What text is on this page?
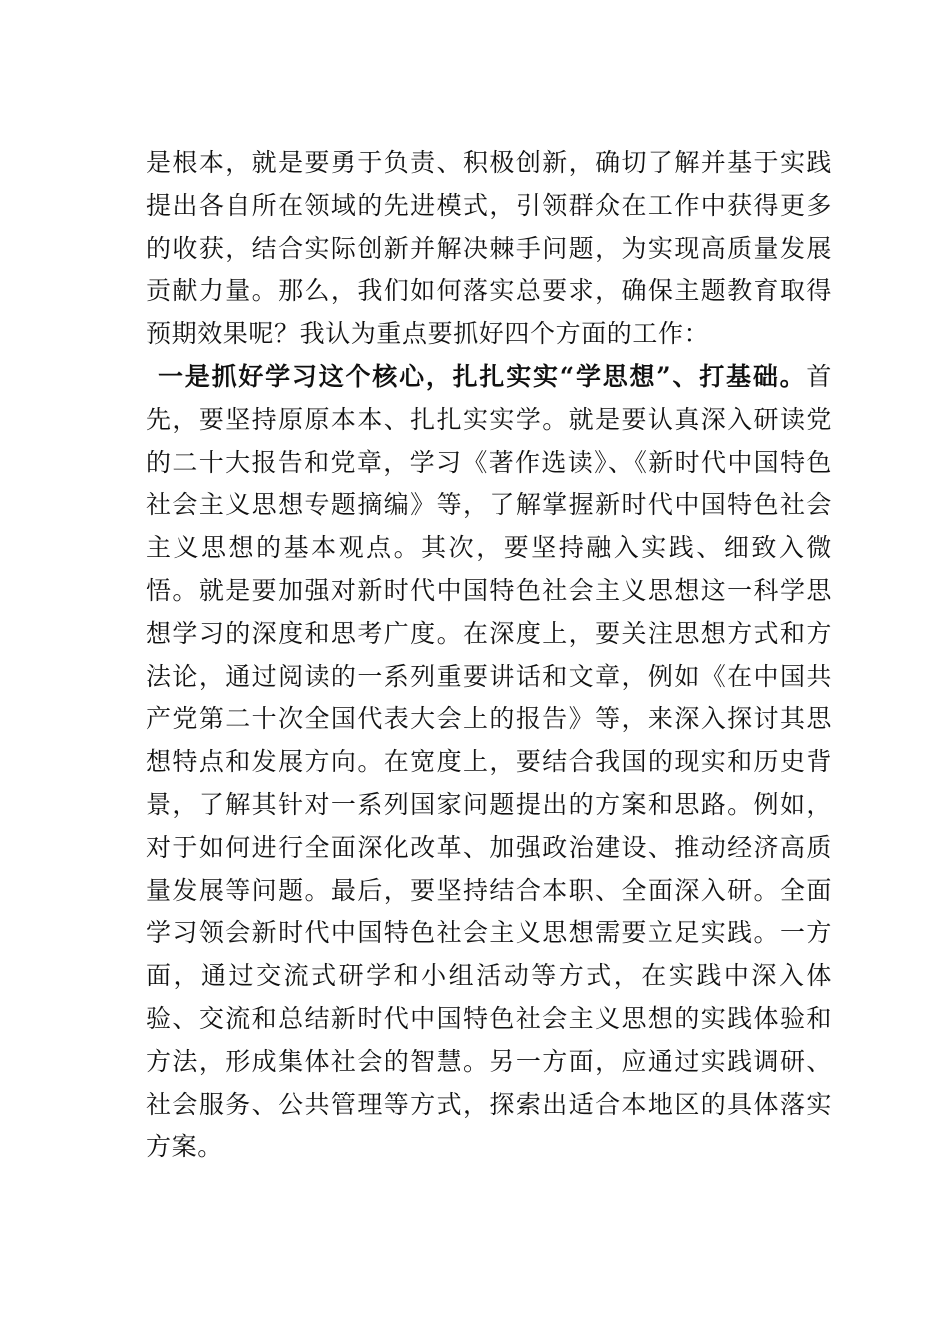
是根本，就是要勇于负责、积极创新，确切了解并基于实践提出各自所在领域的先进模式，引领群众在工作中获得更多的收获，结合实际创新并解决棘手问题，为实现高质量发展贡献力量。那么，我们如何落实总要求，确保主题教育取得预期效果呢？我认为重点要抓好四个方面的工作：

一是抓好学习这个核心，扎扎实实“学思想”、打基础。首先，要坚持原原本本、扎扎实实学。就是要认真深入研读党的二十大报告和党章，学习《著作选读》、《新时代中国特色社会主义思想专题摘编》等，了解掌握新时代中国特色社会主义思想的基本观点。其次，要坚持融入实践、细致入微悟。就是要加强对新时代中国特色社会主义思想这一科学思想学习的深度和思考广度。在深度上，要关注思想方式和方法论，通过阅读的一系列重要讲话和文章，例如《在中国共产党第二十次全国代表大会上的报告》等，来深入探讨其思想特点和发展方向。在宽度上，要结合我国的现实和历史背景，了解其针对一系列国家问题提出的方案和思路。例如，对于如何进行全面深化改革、加强政治建设、推动经济高质量发展等问题。最后，要坚持结合本职、全面深入研。全面学习领会新时代中国特色社会主义思想需要立足实践。一方面，通过交流式研学和小组活动等方式，在实践中深入体验、交流和总结新时代中国特色社会主义思想的实践体验和方法，形成集体社会的智慧。另一方面，应通过实践调研、社会服务、公共管理等方式，探索出适合本地区的具体落实方案。
